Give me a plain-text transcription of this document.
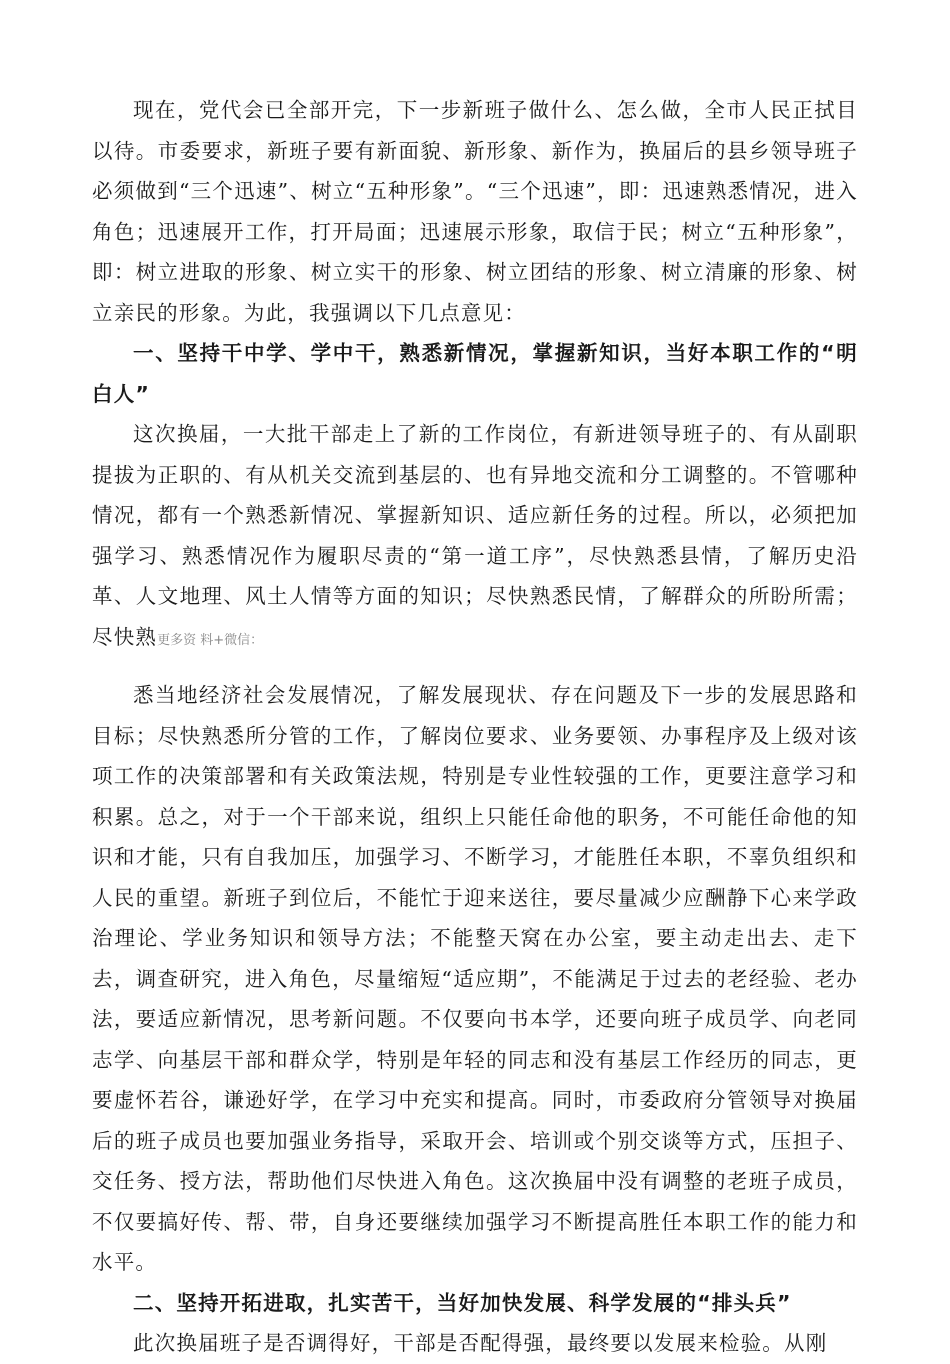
现在，党代会已全部开完，下一步新班子做什么、怎么做，全市人民正拭目以待。市委要求，新班子要有新面貌、新形象、新作为，换届后的县乡领导班子必须做到“三个迅速”、树立“五种形象”。“三个迅速”，即：迅速熟悉情况，进入角色；迅速展开工作，打开局面；迅速展示形象，取信于民；树立“五种形象”，即：树立进取的形象、树立实干的形象、树立团结的形象、树立清廉的形象、树立亲民的形象。为此，我强调以下几点意见：

一、坚持干中学、学中干，熟悉新情况，掌握新知识，当好本职工作的“明白人”

这次换届，一大批干部走上了新的工作岗位，有新进领导班子的、有从副职提拔为正职的、有从机关交流到基层的、也有异地交流和分工调整的。不管哪种情况，都有一个熟悉新情况、掌握新知识、适应新任务的过程。所以，必须把加强学习、熟悉情况作为履职尽责的“第一道工序”，尽快熟悉县情，了解历史沿革、人文地理、风土人情等方面的知识；尽快熟悉民情，了解群众的所盼所需；尽快熟更多资 料+微信：

悉当地经济社会发展情况，了解发展现状、存在问题及下一步的发展思路和目标；尽快熟悉所分管的工作，了解岗位要求、业务要领、办事程序及上级对该项工作的决策部署和有关政策法规，特别是专业性较强的工作，更要注意学习和积累。总之，对于一个干部来说，组织上只能任命他的职务，不可能任命他的知识和才能，只有自我加压，加强学习、不断学习，才能胜任本职，不辜负组织和人民的重望。新班子到位后，不能忙于迎来送往，要尽量减少应酬静下心来学政治理论、学业务知识和领导方法；不能整天窝在办公室，要主动走出去、走下去，调查研究，进入角色，尽量缩短“适应期”，不能满足于过去的老经验、老办法，要适应新情况，思考新问题。不仅要向书本学，还要向班子成员学、向老同志学、向基层干部和群众学，特别是年轻的同志和没有基层工作经历的同志，更要虚怀若谷，谦逊好学，在学习中充实和提高。同时，市委政府分管领导对换届后的班子成员也要加强业务指导，采取开会、培训或个别交谈等方式，压担子、交任务、授方法，帮助他们尽快进入角色。这次换届中没有调整的老班子成员，不仅要搞好传、帮、带，自身还要继续加强学习不断提高胜任本职工作的能力和水平。

二、坚持开拓进取，扎实苦干，当好加快发展、科学发展的“排头兵”

此次换届班子是否调得好，干部是否配得强，最终要以发展来检验。从刚
